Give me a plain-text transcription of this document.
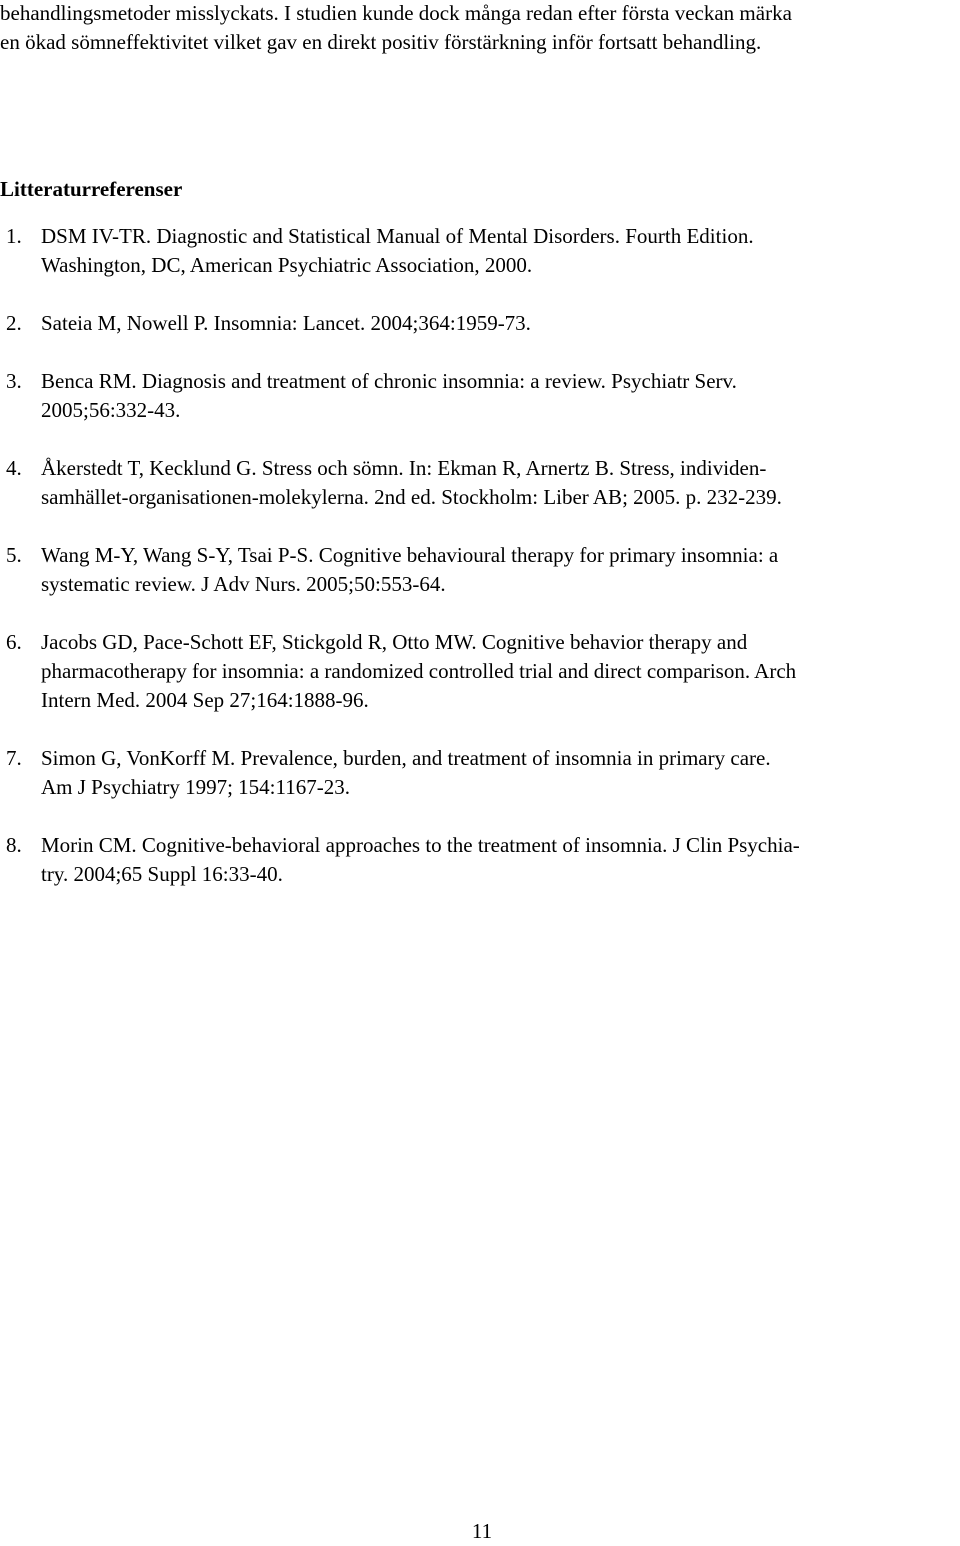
behandlingsmetoder misslyckats. I studien kunde dock många redan efter första veckan märka
en ökad sömneffektivitet vilket gav en direkt positiv förstärkning inför fortsatt behandling.
Litteraturreferenser
1. DSM IV-TR. Diagnostic and Statistical Manual of Mental Disorders. Fourth Edition.
Washington, DC, American Psychiatric Association, 2000.
2. Sateia M, Nowell P. Insomnia: Lancet. 2004;364:1959-73.
3. Benca RM. Diagnosis and treatment of chronic insomnia: a review. Psychiatr Serv.
2005;56:332-43.
4. Åkerstedt T, Kecklund G. Stress och sömn. In: Ekman R, Arnertz B. Stress, individen-
samhället-organisationen-molekylerna. 2nd ed. Stockholm: Liber AB; 2005. p. 232-239.
5. Wang M-Y, Wang S-Y, Tsai P-S. Cognitive behavioural therapy for primary insomnia: a
systematic review. J Adv Nurs. 2005;50:553-64.
6. Jacobs GD, Pace-Schott EF, Stickgold R, Otto MW. Cognitive behavior therapy and
pharmacotherapy for insomnia: a randomized controlled trial and direct comparison. Arch
Intern Med. 2004 Sep 27;164:1888-96.
7. Simon G, VonKorff M. Prevalence, burden, and treatment of insomnia in primary care.
Am J Psychiatry 1997; 154:1167-23.
8. Morin CM. Cognitive-behavioral approaches to the treatment of insomnia. J Clin Psychia-
try. 2004;65 Suppl 16:33-40.
11
